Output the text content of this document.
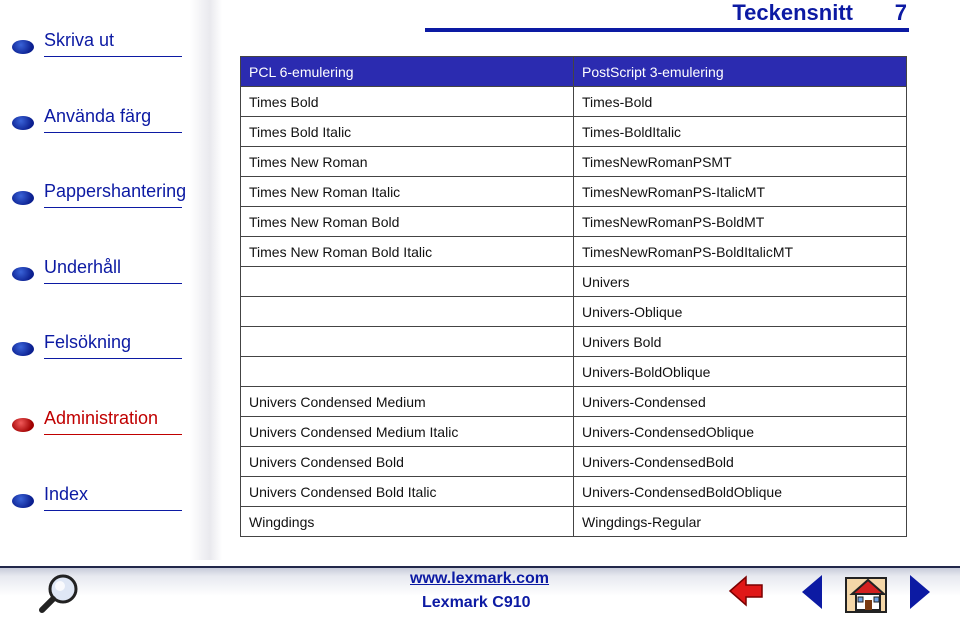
Skriva ut
Använda färg
Pappershantering
Underhåll
Felsökning
Administration
Index
Teckensnitt 7
PCL 6-emulering	PostScript 3-emulering
Times Bold	Times-Bold
Times Bold Italic	Times-BoldItalic
Times New Roman	TimesNewRomanPSMT
Times New Roman Italic	TimesNewRomanPS-ItalicMT
Times New Roman Bold	TimesNewRomanPS-BoldMT
Times New Roman Bold Italic	TimesNewRomanPS-BoldItalicMT
	Univers
	Univers-Oblique
	Univers Bold
	Univers-BoldOblique
Univers Condensed Medium	Univers-Condensed
Univers Condensed Medium Italic	Univers-CondensedOblique
Univers Condensed Bold	Univers-CondensedBold
Univers Condensed Bold Italic	Univers-CondensedBoldOblique
Wingdings	Wingdings-Regular
www.lexmark.com
Lexmark C910
